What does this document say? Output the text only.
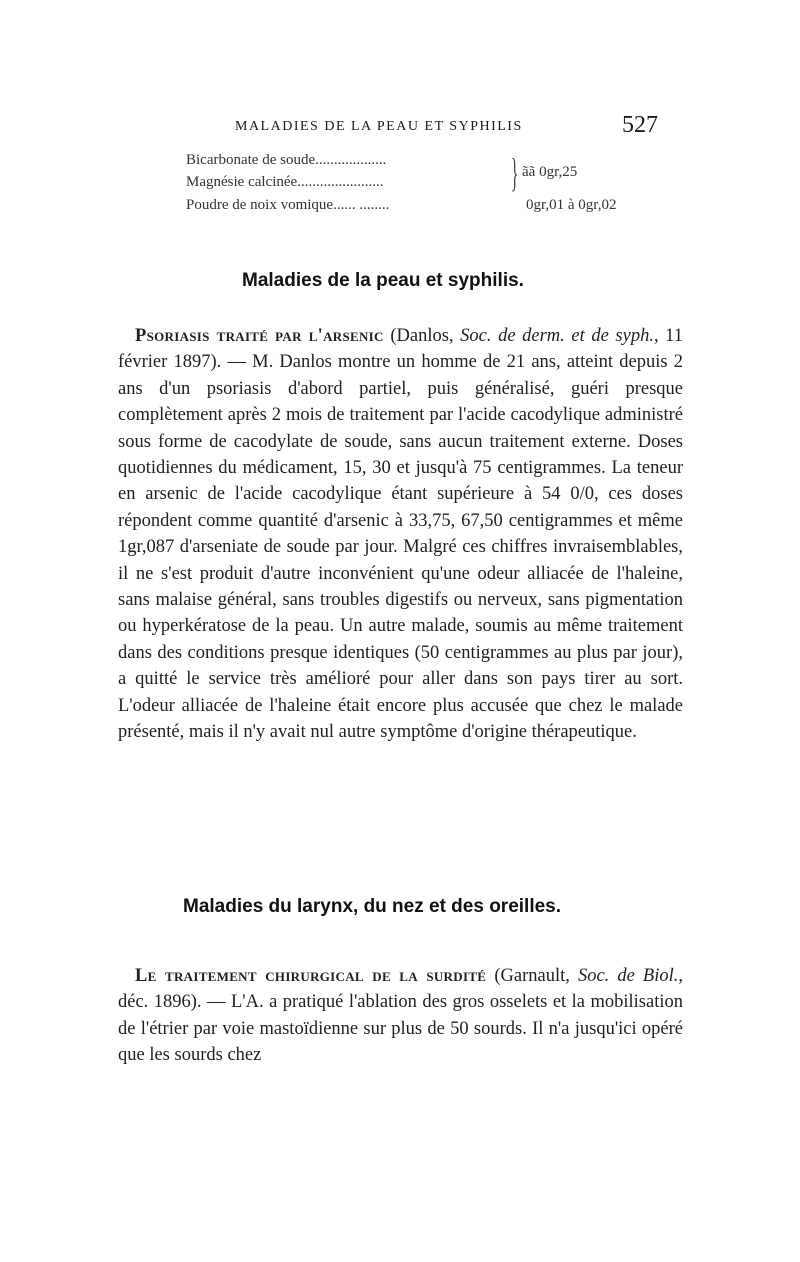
MALADIES DE LA PEAU ET SYPHILIS	527
Bicarbonate de soude...................
Magnésie calcinée.......................	} ãã 0gr,25
Poudre de noix vomique...... ........	0gr,01 à 0gr,02
Maladies de la peau et syphilis.

Psoriasis traité par l'arsenic (Danlos, Soc. de derm. et de syph., 11 février 1897). — M. Danlos montre un homme de 21 ans, atteint depuis 2 ans d'un psoriasis d'abord partiel, puis généralisé, guéri presque complètement après 2 mois de traitement par l'acide cacodylique administré sous forme de cacodylate de soude, sans aucun traitement externe. Doses quotidiennes du médicament, 15, 30 et jusqu'à 75 centigrammes. La teneur en arsenic de l'acide cacodylique étant supérieure à 54 0/0, ces doses répondent comme quantité d'arsenic à 33,75, 67,50 centigrammes et même 1gr,087 d'arseniate de soude par jour. Malgré ces chiffres invraisemblables, il ne s'est produit d'autre inconvénient qu'une odeur alliacée de l'haleine, sans malaise général, sans troubles digestifs ou nerveux, sans pigmentation ou hyperkératose de la peau. Un autre malade, soumis au même traitement dans des conditions presque identiques (50 centigrammes au plus par jour), a quitté le service très amélioré pour aller dans son pays tirer au sort. L'odeur alliacée de l'haleine était encore plus accusée que chez le malade présenté, mais il n'y avait nul autre symptôme d'origine thérapeutique.

Maladies du larynx, du nez et des oreilles.

Le traitement chirurgical de la surdité (Garnault, Soc. de Biol., déc. 1896). — L'A. a pratiqué l'ablation des gros osselets et la mobilisation de l'étrier par voie mastoïdienne sur plus de 50 sourds. Il n'a jusqu'ici opéré que les sourds chez
